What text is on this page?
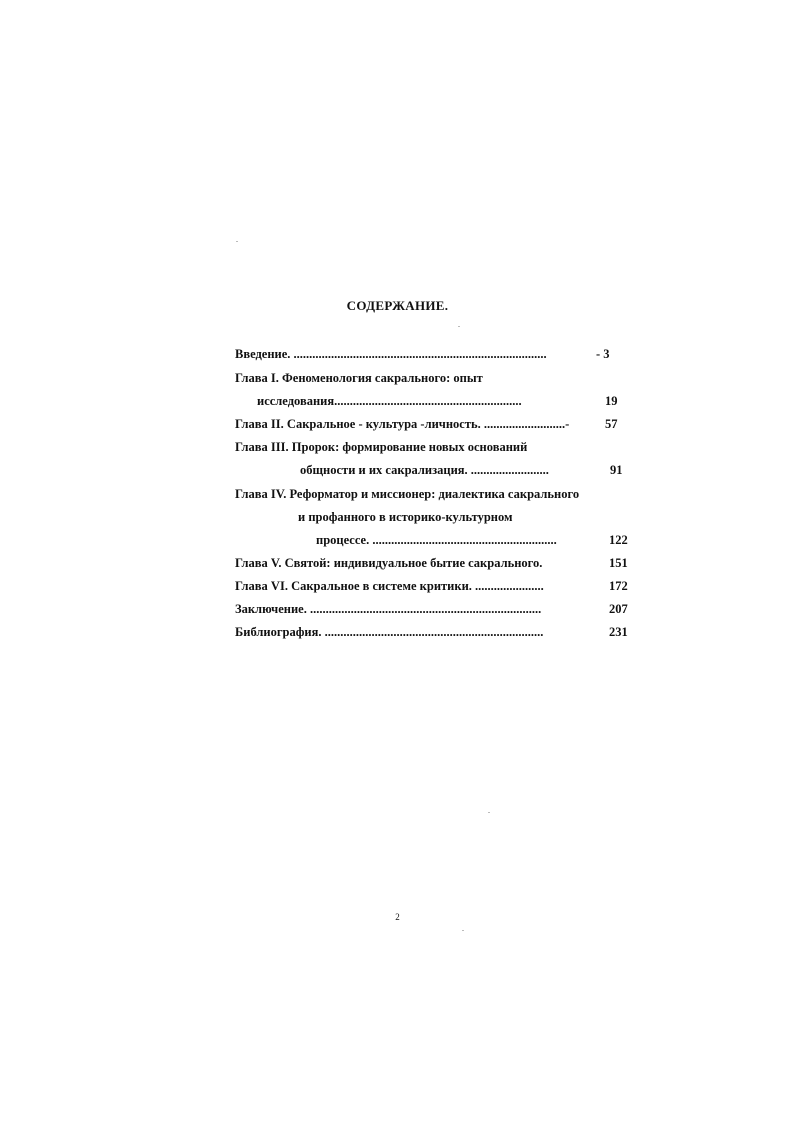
СОДЕРЖАНИЕ.
Введение. .................................................................................	- 3
Глава I. Феноменология сакрального: опыт
исследования............................................................	19
Глава II. Сакральное - культура -личность. ..........................-	57
Глава III. Пророк: формирование новых оснований
общности и их сакрализация. .........................	91
Глава IV. Реформатор и миссионер: диалектика сакрального
и профанного в историко-культурном
процессе. ...........................................................	122
Глава V. Святой: индивидуальное бытие сакрального.	151
Глава VI. Сакральное в системе критики. ......................	172
Заключение. ..........................................................................	207
Библиография. ......................................................................	231
2
